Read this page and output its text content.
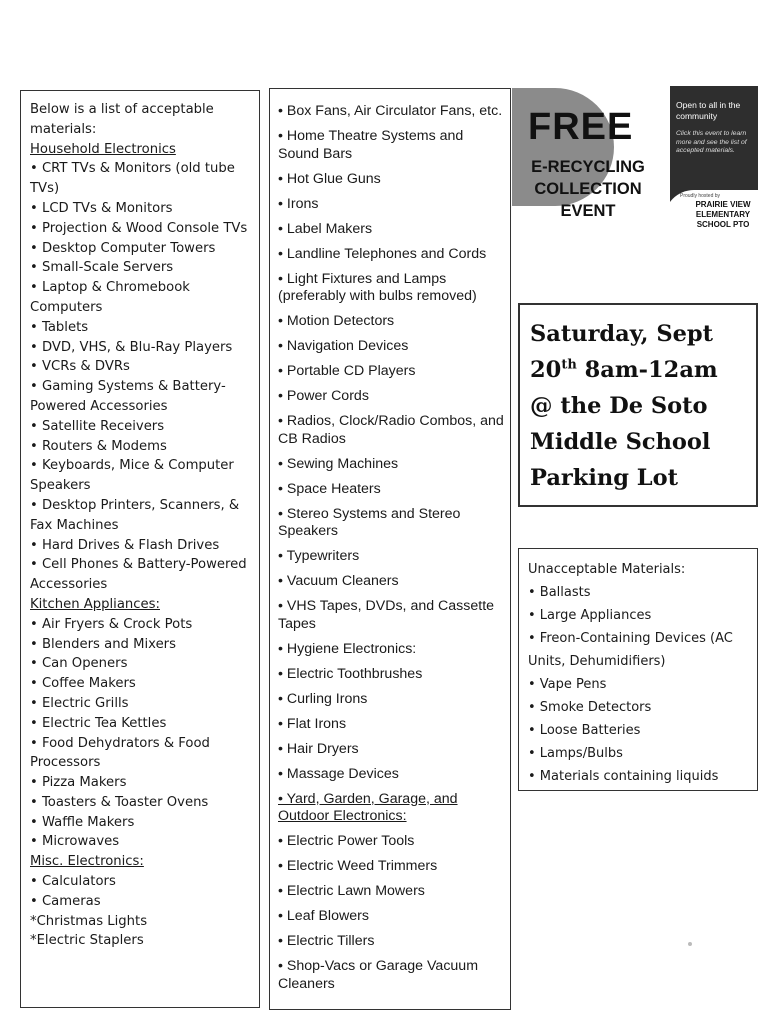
Below is a list of acceptable materials:
Household Electronics
• CRT TVs & Monitors (old tube TVs)
• LCD TVs & Monitors
• Projection & Wood Console TVs
• Desktop Computer Towers
• Small-Scale Servers
• Laptop & Chromebook Computers
• Tablets
• DVD, VHS, & Blu-Ray Players
• VCRs & DVRs
• Gaming Systems & Battery-Powered Accessories
• Satellite Receivers
• Routers & Modems
• Keyboards, Mice & Computer Speakers
• Desktop Printers, Scanners, & Fax Machines
• Hard Drives & Flash Drives
• Cell Phones & Battery-Powered Accessories
Kitchen Appliances:
• Air Fryers & Crock Pots
• Blenders and Mixers
• Can Openers
• Coffee Makers
• Electric Grills
• Electric Tea Kettles
• Food Dehydrators & Food Processors
• Pizza Makers
• Toasters & Toaster Ovens
• Waffle Makers
• Microwaves
Misc. Electronics:
• Calculators
• Cameras
*Christmas Lights
*Electric Staplers
• Box Fans, Air Circulator Fans, etc.
• Home Theatre Systems and Sound Bars
• Hot Glue Guns
• Irons
• Label Makers
• Landline Telephones and Cords
• Light Fixtures and Lamps (preferably with bulbs removed)
• Motion Detectors
• Navigation Devices
• Portable CD Players
• Power Cords
• Radios, Clock/Radio Combos, and CB Radios
• Sewing Machines
• Space Heaters
• Stereo Systems and Stereo Speakers
• Typewriters
• Vacuum Cleaners
• VHS Tapes, DVDs, and Cassette Tapes
• Hygiene Electronics:
• Electric Toothbrushes
• Curling Irons
• Flat Irons
• Hair Dryers
• Massage Devices
• Yard, Garden, Garage, and Outdoor Electronics:
• Electric Power Tools
• Electric Weed Trimmers
• Electric Lawn Mowers
• Leaf Blowers
• Electric Tillers
• Shop-Vacs or Garage Vacuum Cleaners
FREE
E-RECYCLING
COLLECTION
EVENT
Open to all in the community
Click this event to learn more and see the list of accepted materials.
Proudly hosted by
PRAIRIE VIEW ELEMENTARY SCHOOL PTO
Saturday, Sept
20th 8am-12am
@ the De Soto
Middle School
Parking Lot
Unacceptable Materials:
• Ballasts
• Large Appliances
• Freon-Containing Devices (AC Units, Dehumidifiers)
• Vape Pens
• Smoke Detectors
• Loose Batteries
• Lamps/Bulbs
• Materials containing liquids
